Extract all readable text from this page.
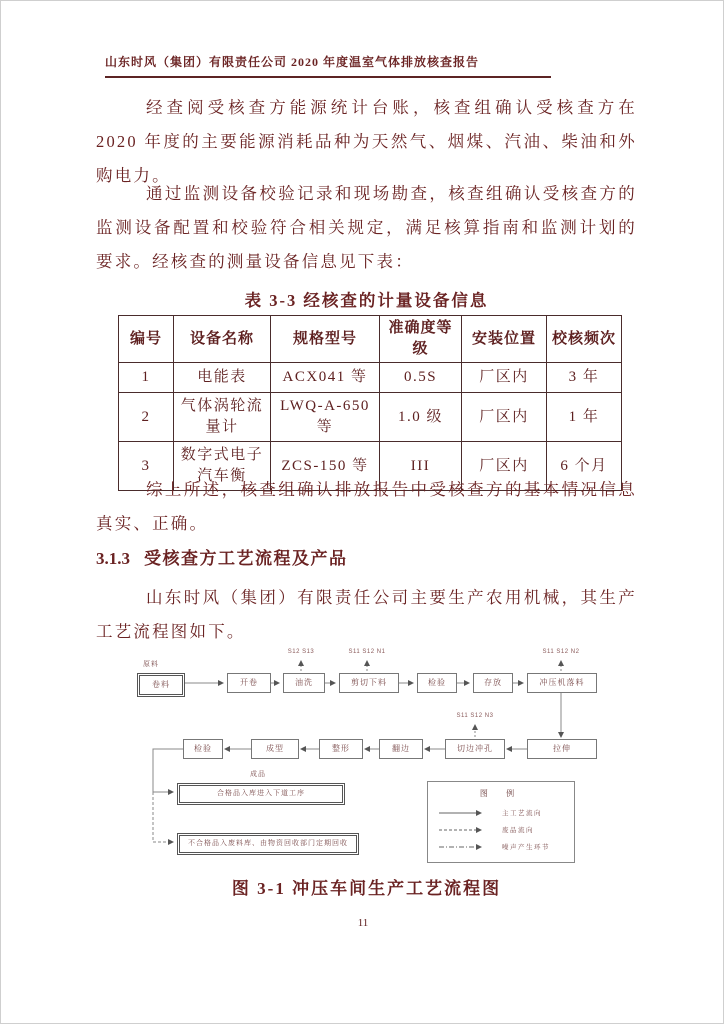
山东时风（集团）有限责任公司 2020 年度温室气体排放核查报告
经查阅受核查方能源统计台账，核查组确认受核查方在 2020 年度的主要能源消耗品种为天然气、烟煤、汽油、柴油和外购电力。
通过监测设备校验记录和现场勘查，核查组确认受核查方的监测设备配置和校验符合相关规定，满足核算指南和监测计划的要求。经核查的测量设备信息见下表：
表 3-3 经核查的计量设备信息
编号	设备名称	规格型号	准确度等级	安装位置	校核频次
1	电能表	ACX041 等	0.5S	厂区内	3 年
2	气体涡轮流量计	LWQ-A-650 等	1.0 级	厂区内	1 年
3	数字式电子汽车衡	ZCS-150 等	III	厂区内	6 个月
综上所述，核查组确认排放报告中受核查方的基本情况信息真实、正确。
3.1.3 受核查方工艺流程及产品
山东时风（集团）有限责任公司主要生产农用机械，其生产工艺流程图如下。
S12 S13	S11 S12 N1	S11 S12 N2
S11 S12 N3
原料
卷料	开卷	油洗	剪切下料	检验	存放	冲压机落料
拉伸
切边冲孔
翻边
整形
成型
检验
成品
合格品入库进入下道工序
不合格品入废料库、由物资回收部门定期回收
图 例
主工艺流向
废品流向
噪声产生环节
图 3-1 冲压车间生产工艺流程图
11
